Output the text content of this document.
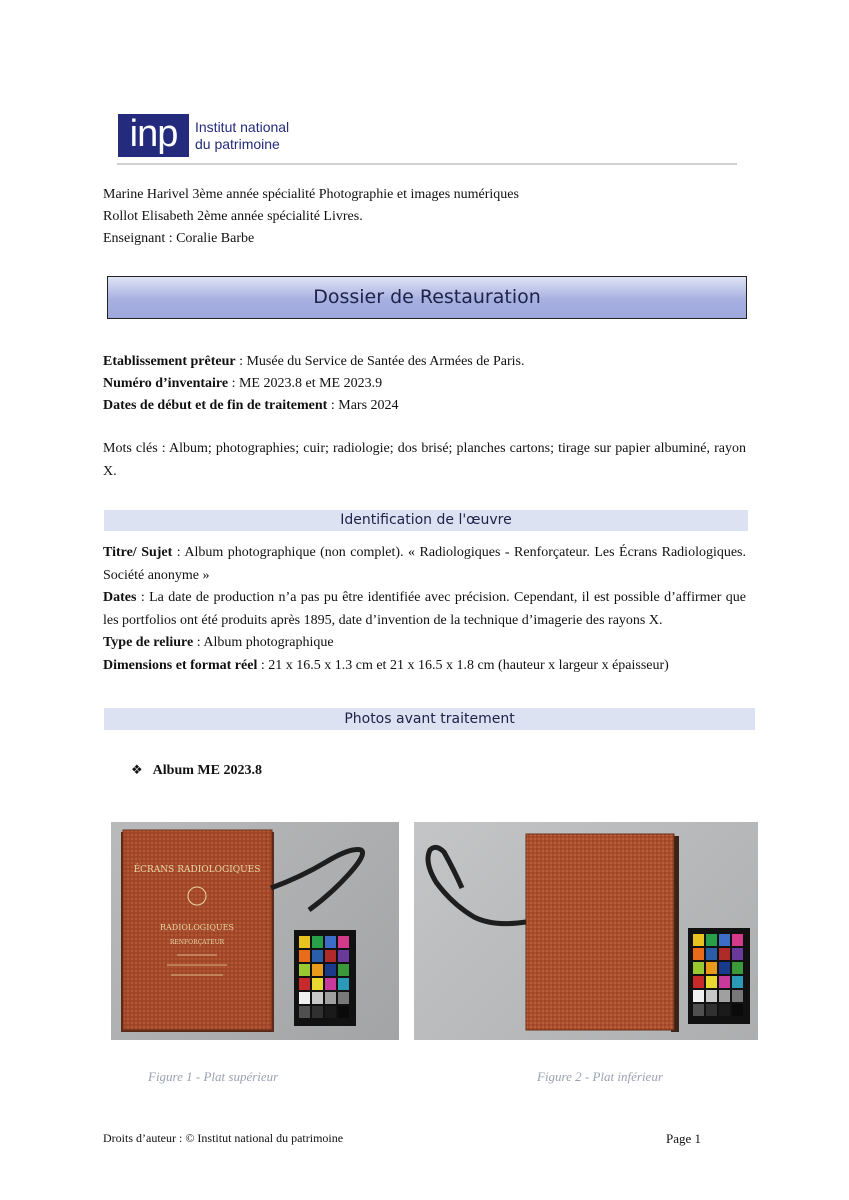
inp	Institut national
du patrimoine
Marine Harivel 3ème année spécialité Photographie et images numériques
Rollot Elisabeth 2ème année spécialité Livres.
Enseignant : Coralie Barbe
Dossier de Restauration
Etablissement prêteur : Musée du Service de Santée des Armées de Paris.
Numéro d’inventaire : ME 2023.8 et ME 2023.9
Dates de début et de fin de traitement : Mars 2024
Mots clés : Album; photographies; cuir; radiologie; dos brisé; planches cartons; tirage sur papier albuminé, rayon X.
Identification de l'œuvre

Titre/ Sujet : Album photographique (non complet). « Radiologiques - Renforçateur. Les Écrans Radiologiques. Société anonyme »

Dates : La date de production n’a pas pu être identifiée avec précision. Cependant, il est possible d’affirmer que les portfolios ont été produits après 1895, date d’invention de la technique d’imagerie des rayons X.

Type de reliure : Album photographique

Dimensions et format réel : 21 x 16.5 x 1.3 cm et 21 x 16.5 x 1.8 cm (hauteur x largeur x épaisseur)

Photos avant traitement
❖ Album ME 2023.8
ÉCRANS RADIOLOGIQUES
RADIOLOGIQUES
RENFORÇATEUR
Figure 1 - Plat supérieur	Figure 2 - Plat inférieur
Droits d’auteur : © Institut national du patrimoine	Page 1
